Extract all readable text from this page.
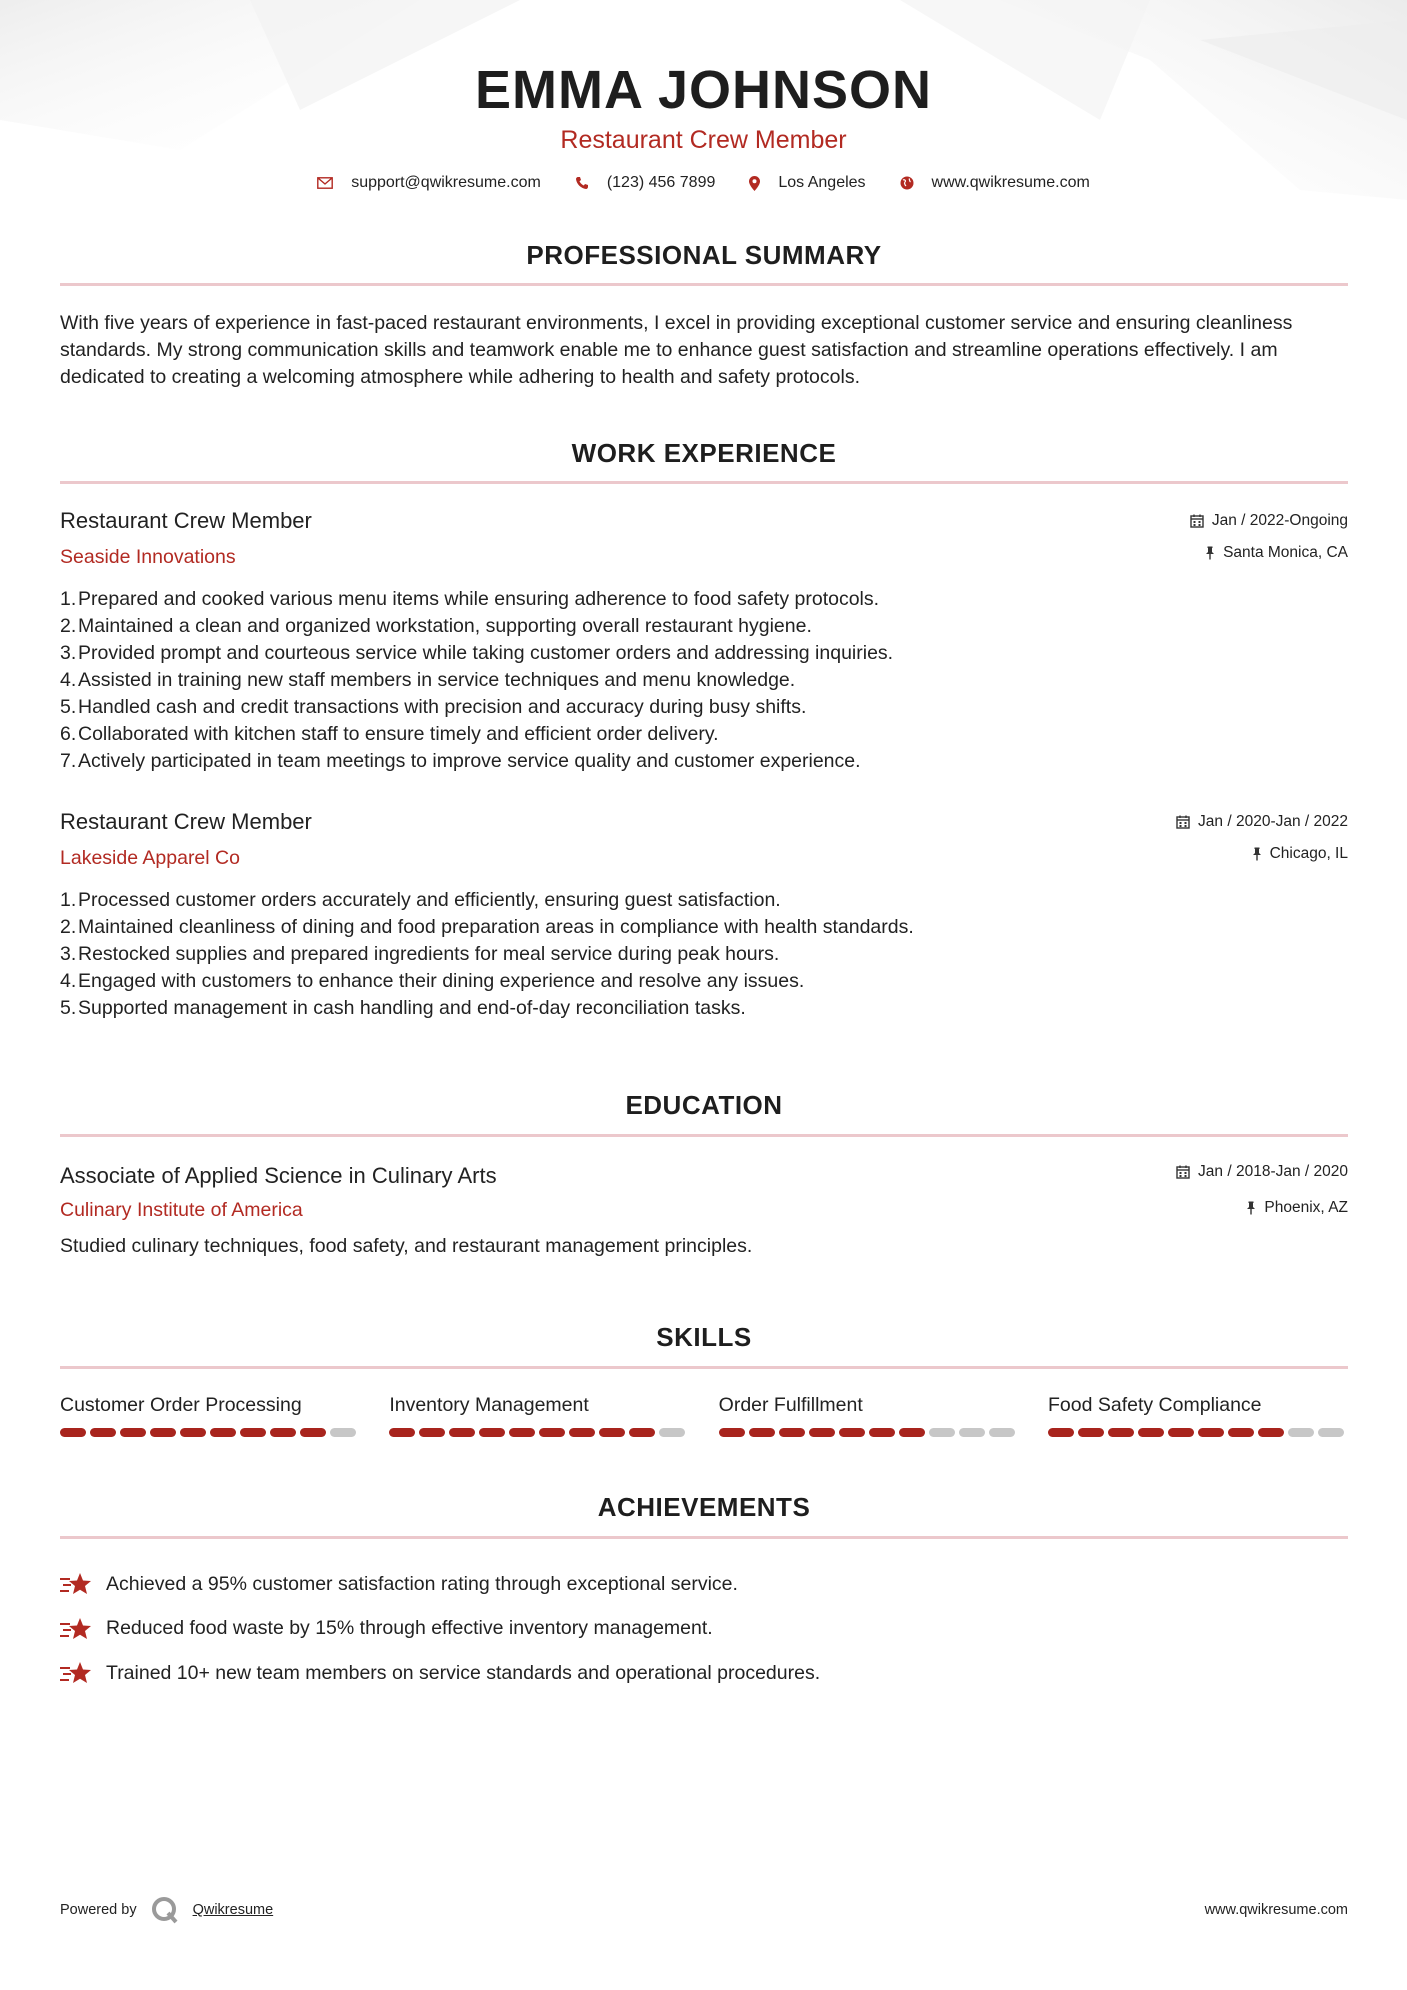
EMMA JOHNSON
Restaurant Crew Member
support@qwikresume.com	(123) 456 7899	Los Angeles	www.qwikresume.com
PROFESSIONAL SUMMARY
With five years of experience in fast-paced restaurant environments, I excel in providing exceptional customer service and ensuring cleanliness standards. My strong communication skills and teamwork enable me to enhance guest satisfaction and streamline operations effectively. I am dedicated to creating a welcoming atmosphere while adhering to health and safety protocols.
WORK EXPERIENCE
Restaurant Crew Member
Seaside Innovations
Jan / 2022-Ongoing
Santa Monica, CA
1. Prepared and cooked various menu items while ensuring adherence to food safety protocols.
2. Maintained a clean and organized workstation, supporting overall restaurant hygiene.
3. Provided prompt and courteous service while taking customer orders and addressing inquiries.
4. Assisted in training new staff members in service techniques and menu knowledge.
5. Handled cash and credit transactions with precision and accuracy during busy shifts.
6. Collaborated with kitchen staff to ensure timely and efficient order delivery.
7. Actively participated in team meetings to improve service quality and customer experience.
Restaurant Crew Member
Lakeside Apparel Co
Jan / 2020-Jan / 2022
Chicago, IL
1. Processed customer orders accurately and efficiently, ensuring guest satisfaction.
2. Maintained cleanliness of dining and food preparation areas in compliance with health standards.
3. Restocked supplies and prepared ingredients for meal service during peak hours.
4. Engaged with customers to enhance their dining experience and resolve any issues.
5. Supported management in cash handling and end-of-day reconciliation tasks.
EDUCATION
Associate of Applied Science in Culinary Arts
Culinary Institute of America
Jan / 2018-Jan / 2020
Phoenix, AZ
Studied culinary techniques, food safety, and restaurant management principles.
SKILLS
Customer Order Processing	Inventory Management	Order Fulfillment	Food Safety Compliance
ACHIEVEMENTS
Achieved a 95% customer satisfaction rating through exceptional service.
Reduced food waste by 15% through effective inventory management.
Trained 10+ new team members on service standards and operational procedures.
Powered by	Qwikresume	www.qwikresume.com
